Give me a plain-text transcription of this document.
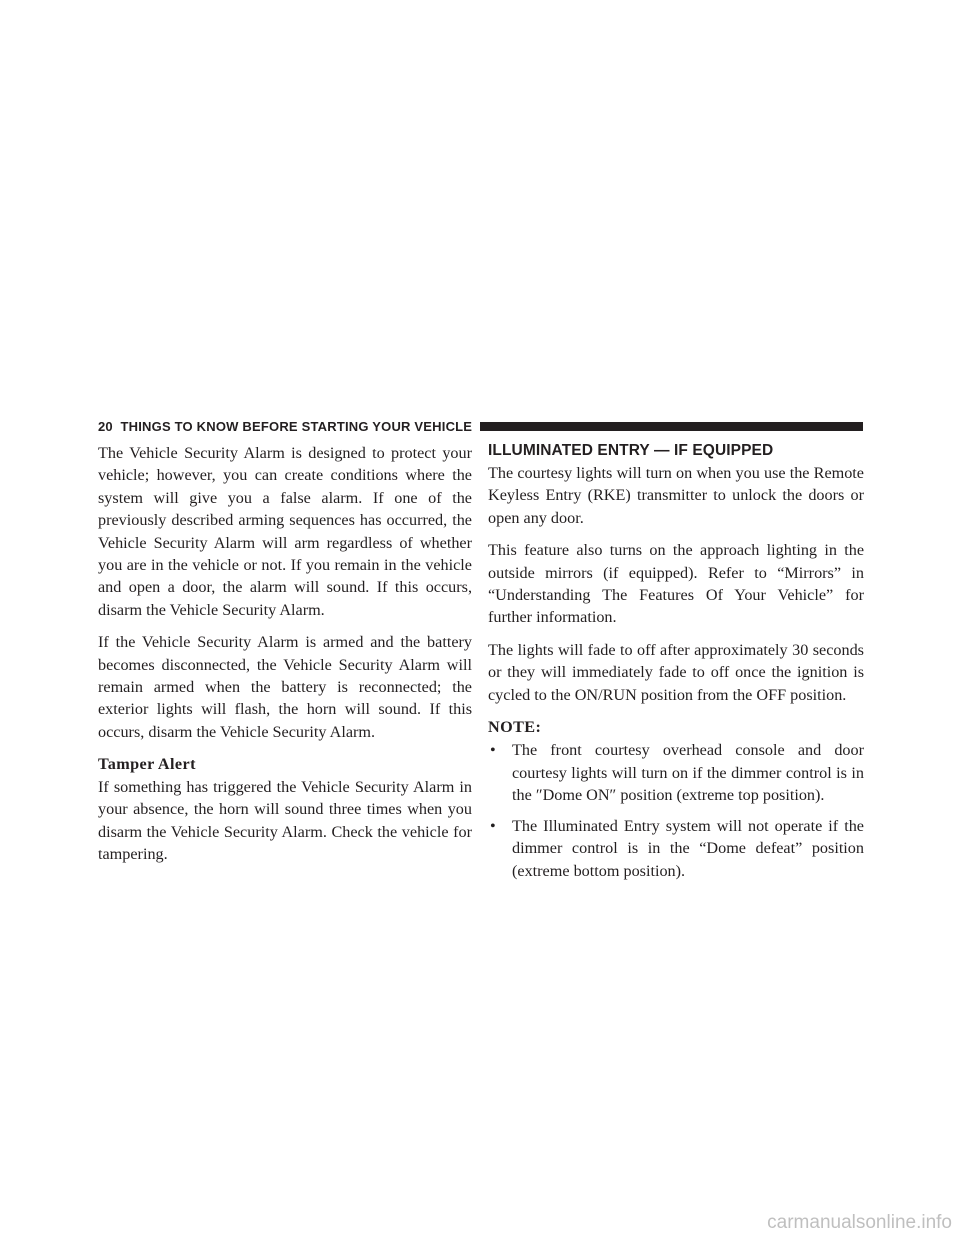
20 THINGS TO KNOW BEFORE STARTING YOUR VEHICLE

The Vehicle Security Alarm is designed to protect your vehicle; however, you can create conditions where the system will give you a false alarm. If one of the previously described arming sequences has occurred, the Vehicle Security Alarm will arm regardless of whether you are in the vehicle or not. If you remain in the vehicle and open a door, the alarm will sound. If this occurs, disarm the Vehicle Security Alarm.

If the Vehicle Security Alarm is armed and the battery becomes disconnected, the Vehicle Security Alarm will remain armed when the battery is reconnected; the exterior lights will flash, the horn will sound. If this occurs, disarm the Vehicle Security Alarm.

Tamper Alert

If something has triggered the Vehicle Security Alarm in your absence, the horn will sound three times when you disarm the Vehicle Security Alarm. Check the vehicle for tampering.

ILLUMINATED ENTRY — IF EQUIPPED

The courtesy lights will turn on when you use the Remote Keyless Entry (RKE) transmitter to unlock the doors or open any door.

This feature also turns on the approach lighting in the outside mirrors (if equipped). Refer to “Mirrors” in “Understanding The Features Of Your Vehicle” for further information.

The lights will fade to off after approximately 30 seconds or they will immediately fade to off once the ignition is cycled to the ON/RUN position from the OFF position.

NOTE:
• The front courtesy overhead console and door courtesy lights will turn on if the dimmer control is in the ″Dome ON″ position (extreme top position).
• The Illuminated Entry system will not operate if the dimmer control is in the “Dome defeat” position (extreme bottom position).
carmanualsonline.info
